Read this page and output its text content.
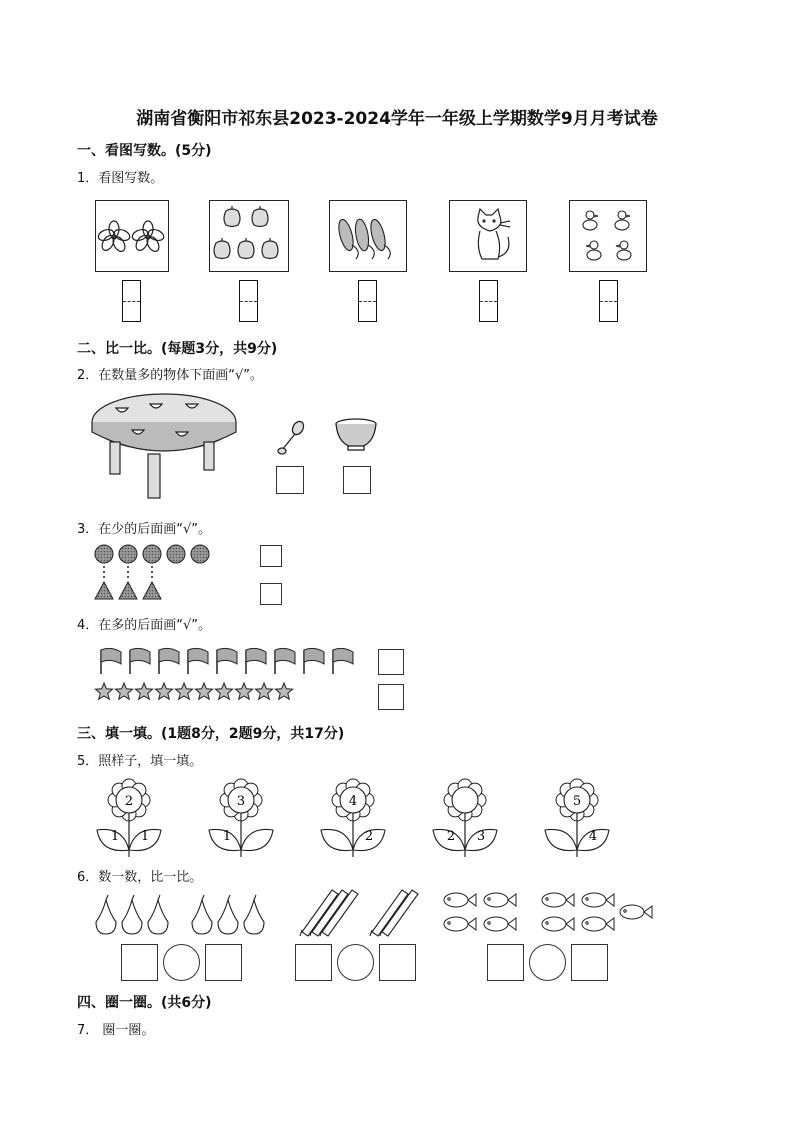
湖南省衡阳市祁东县2023-2024学年一年级上学期数学9月月考试卷
一、看图写数。(5分)
1．看图写数。
二、比一比。(每题3分，共9分)
2．在数量多的物体下面画“√”。
3．在少的后面画“√”。
4．在多的后面画“√”。
三、填一填。(1题8分，2题9分，共17分)
5．照样子，填一填。
2
1 1
3
1
4
2	2 3
5
4
6．数一数，比一比。
四、圈一圈。(共6分)
7． 圈一圈。
